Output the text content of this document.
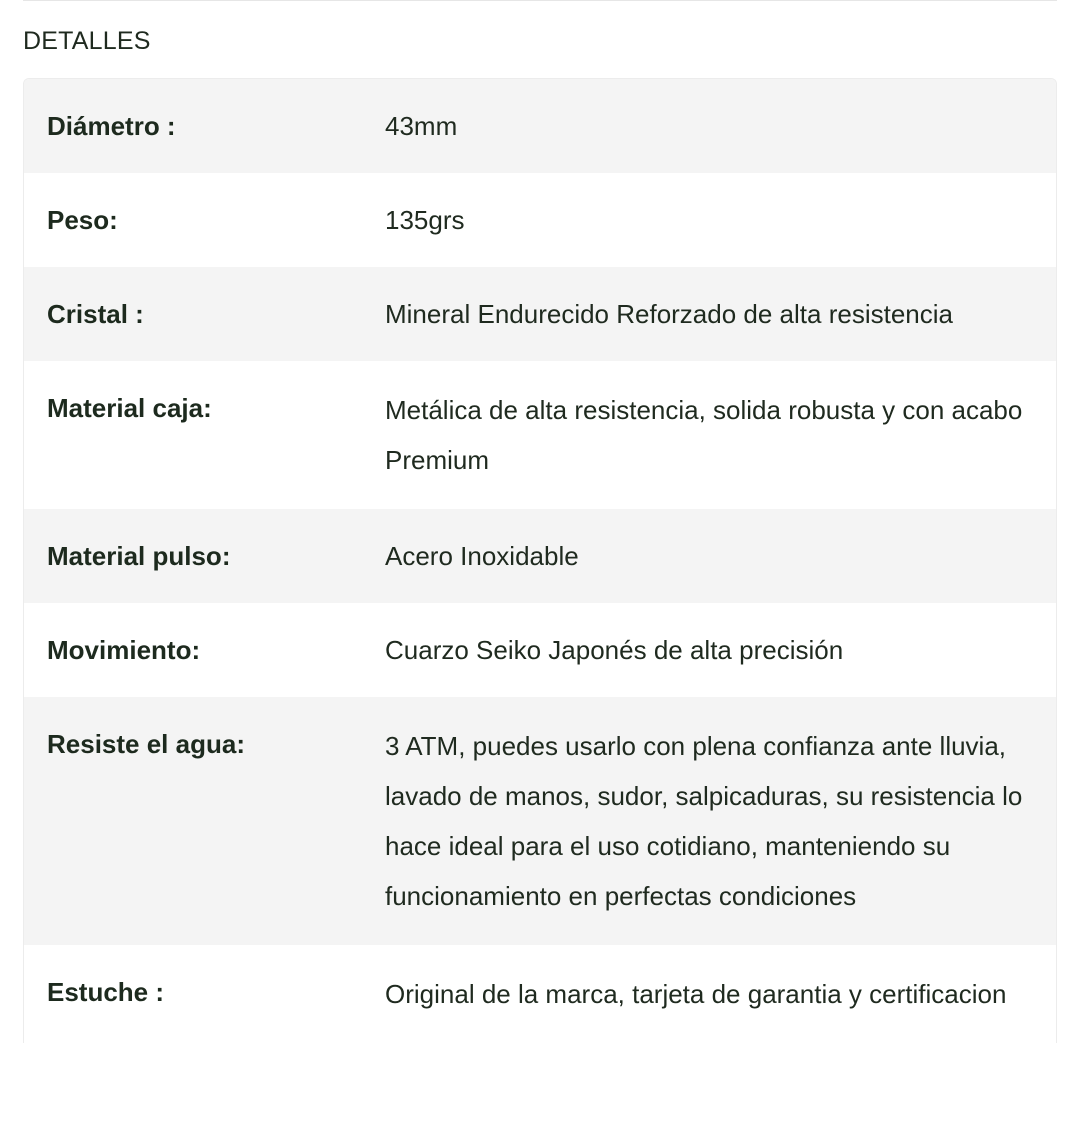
DETALLES
Diámetro :	43mm
Peso:	135grs
Cristal :	Mineral Endurecido Reforzado de alta resistencia
Material caja:	Metálica de alta resistencia, solida robusta y con acabo Premium
Material pulso:	Acero Inoxidable
Movimiento:	Cuarzo Seiko Japonés de alta precisión
Resiste el agua:	3 ATM, puedes usarlo con plena confianza ante lluvia, lavado de manos, sudor, salpicaduras, su resistencia lo hace ideal para el uso cotidiano, manteniendo su funcionamiento en perfectas condiciones
Estuche :	Original de la marca, tarjeta de garantia y certificacion
